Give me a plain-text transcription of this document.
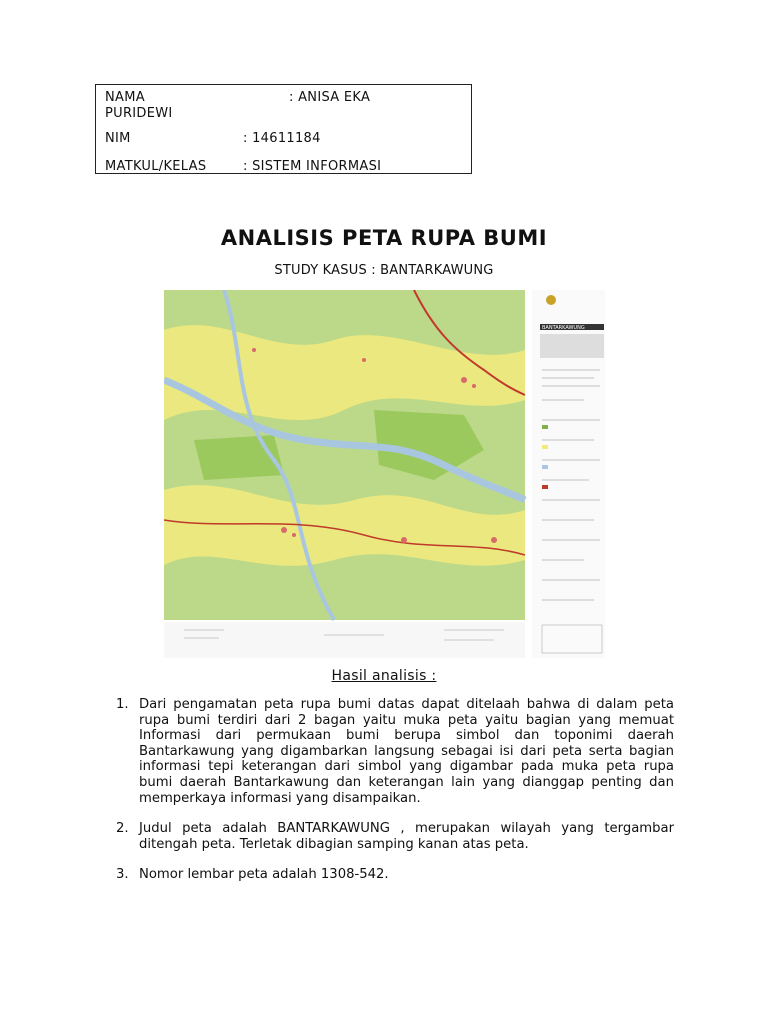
NAMA	: ANISA EKA
PURIDEWI
NIM	: 14611184
MATKUL/KELAS	: SISTEM INFORMASI
ANALISIS PETA RUPA BUMI
STUDY KASUS : BANTARKAWUNG
BANTARKAWUNG
Hasil analisis :
1. Dari pengamatan peta rupa bumi datas dapat ditelaah bahwa di dalam peta rupa bumi terdiri dari 2 bagan yaitu muka peta yaitu bagian yang memuat Informasi dari permukaan bumi berupa simbol dan toponimi daerah Bantarkawung yang digambarkan langsung sebagai isi dari peta serta bagian informasi tepi keterangan dari simbol yang digambar pada muka peta rupa bumi daerah Bantarkawung dan keterangan lain yang dianggap penting dan memperkaya informasi yang disampaikan.
2. Judul peta adalah BANTARKAWUNG , merupakan wilayah yang tergambar ditengah peta. Terletak dibagian samping kanan atas peta.
3. Nomor lembar peta adalah 1308-542.
